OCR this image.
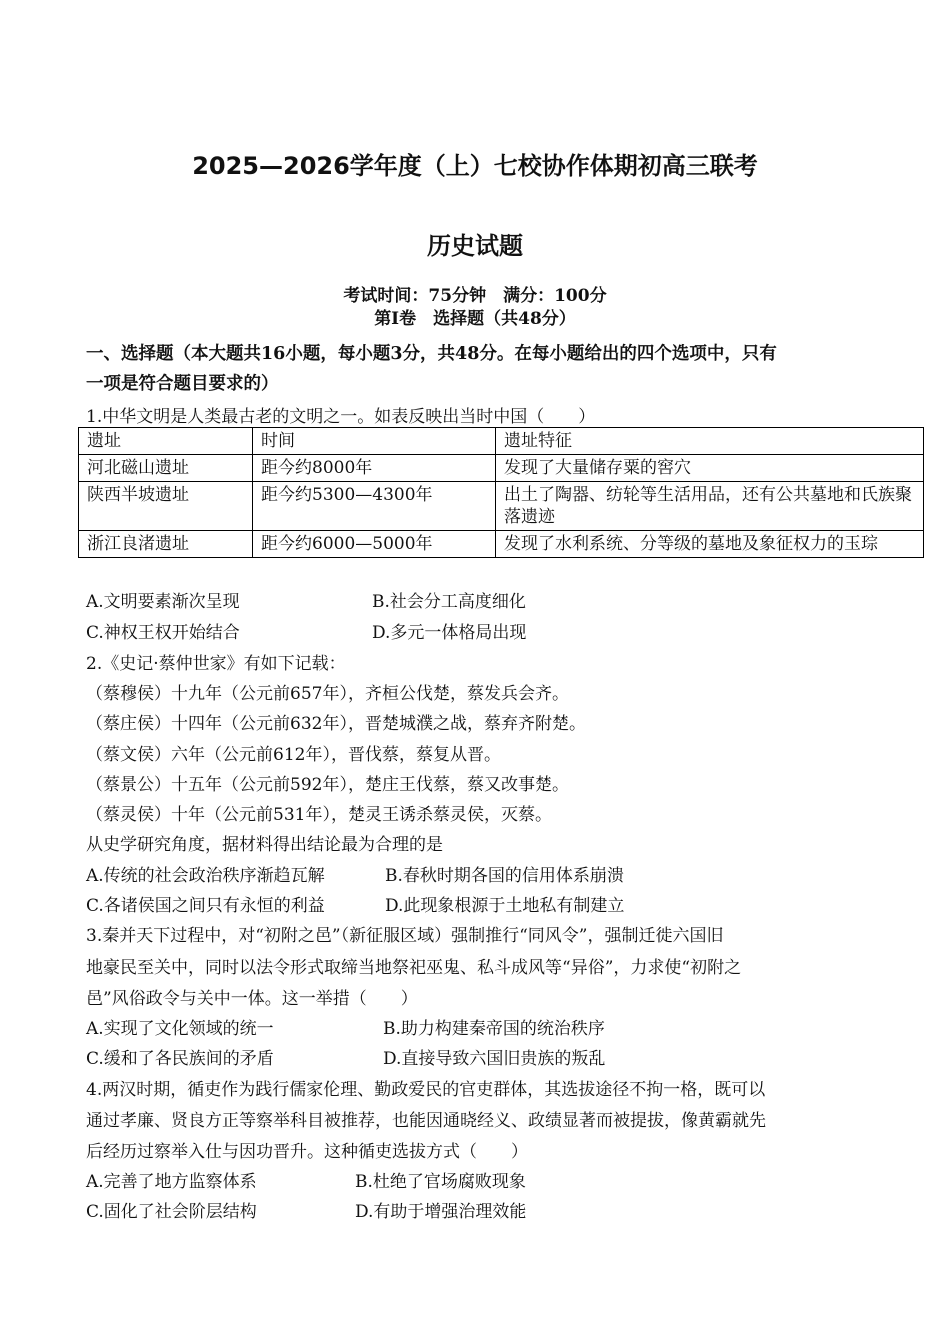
2025—2026学年度（上）七校协作体期初高三联考
历史试题
考试时间：75分钟　满分：100分
第Ⅰ卷　选择题（共48分）
一、选择题（本大题共16小题，每小题3分，共48分。在每小题给出的四个选项中，只有
一项是符合题目要求的）
1.中华文明是人类最古老的文明之一。如表反映出当时中国（　　）
遗址	时间	遗址特征
河北磁山遗址	距今约8000年	发现了大量储存粟的窖穴
陕西半坡遗址	距今约5300—4300年	出土了陶器、纺轮等生活用品，还有公共墓地和氏族聚落遗迹
浙江良渚遗址	距今约6000—5000年	发现了水利系统、分等级的墓地及象征权力的玉琮
A.文明要素渐次呈现	B.社会分工高度细化
C.神权王权开始结合	D.多元一体格局出现
2.《史记·蔡仲世家》有如下记载：
（蔡穆侯）十九年（公元前657年），齐桓公伐楚，蔡发兵会齐。
（蔡庄侯）十四年（公元前632年），晋楚城濮之战，蔡弃齐附楚。
（蔡文侯）六年（公元前612年），晋伐蔡，蔡复从晋。
（蔡景公）十五年（公元前592年），楚庄王伐蔡，蔡又改事楚。
（蔡灵侯）十年（公元前531年），楚灵王诱杀蔡灵侯，灭蔡。
从史学研究角度，据材料得出结论最为合理的是
A.传统的社会政治秩序渐趋瓦解	B.春秋时期各国的信用体系崩溃
C.各诸侯国之间只有永恒的利益	D.此现象根源于土地私有制建立
3.秦并天下过程中，对“初附之邑”（新征服区域）强制推行“同风令”，强制迁徙六国旧
地豪民至关中，同时以法令形式取缔当地祭祀巫鬼、私斗成风等“异俗”，力求使“初附之
邑”风俗政令与关中一体。这一举措（　　）
A.实现了文化领域的统一	B.助力构建秦帝国的统治秩序
C.缓和了各民族间的矛盾	D.直接导致六国旧贵族的叛乱
4.两汉时期，循吏作为践行儒家伦理、勤政爱民的官吏群体，其选拔途径不拘一格，既可以
通过孝廉、贤良方正等察举科目被推荐，也能因通晓经义、政绩显著而被提拔，像黄霸就先
后经历过察举入仕与因功晋升。这种循吏选拔方式（　　）
A.完善了地方监察体系	B.杜绝了官场腐败现象
C.固化了社会阶层结构	D.有助于增强治理效能
